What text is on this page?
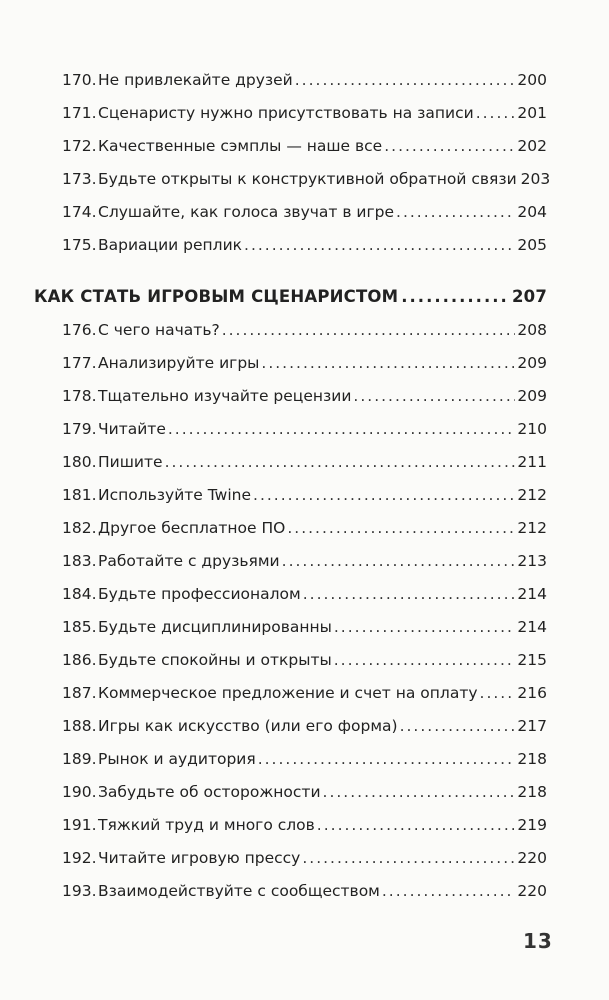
170. Не привлекайте друзей .....	200
171. Сценаристу нужно присутствовать на записи .....	201
172. Качественные сэмплы — наше все .....	202
173. Будьте открыты к конструктивной обратной связи 203
174. Слушайте, как голоса звучат в игре .....	204
175. Вариации реплик .....	205
КАК СТАТЬ ИГРОВЫМ СЦЕНАРИСТОМ .....	207
176. С чего начать? .....	208
177. Анализируйте игры .....	209
178. Тщательно изучайте рецензии .....	209
179. Читайте .....	210
180. Пишите .....	211
181. Используйте Twine .....	212
182. Другое бесплатное ПО .....	212
183. Работайте с друзьями .....	213
184. Будьте профессионалом .....	214
185. Будьте дисциплинированны .....	214
186. Будьте спокойны и открыты .....	215
187. Коммерческое предложение и счет на оплату .....	216
188. Игры как искусство (или его форма) .....	217
189. Рынок и аудитория .....	218
190. Забудьте об осторожности .....	218
191. Тяжкий труд и много слов .....	219
192. Читайте игровую прессу .....	220
193. Взаимодействуйте с сообществом .....	220
13
